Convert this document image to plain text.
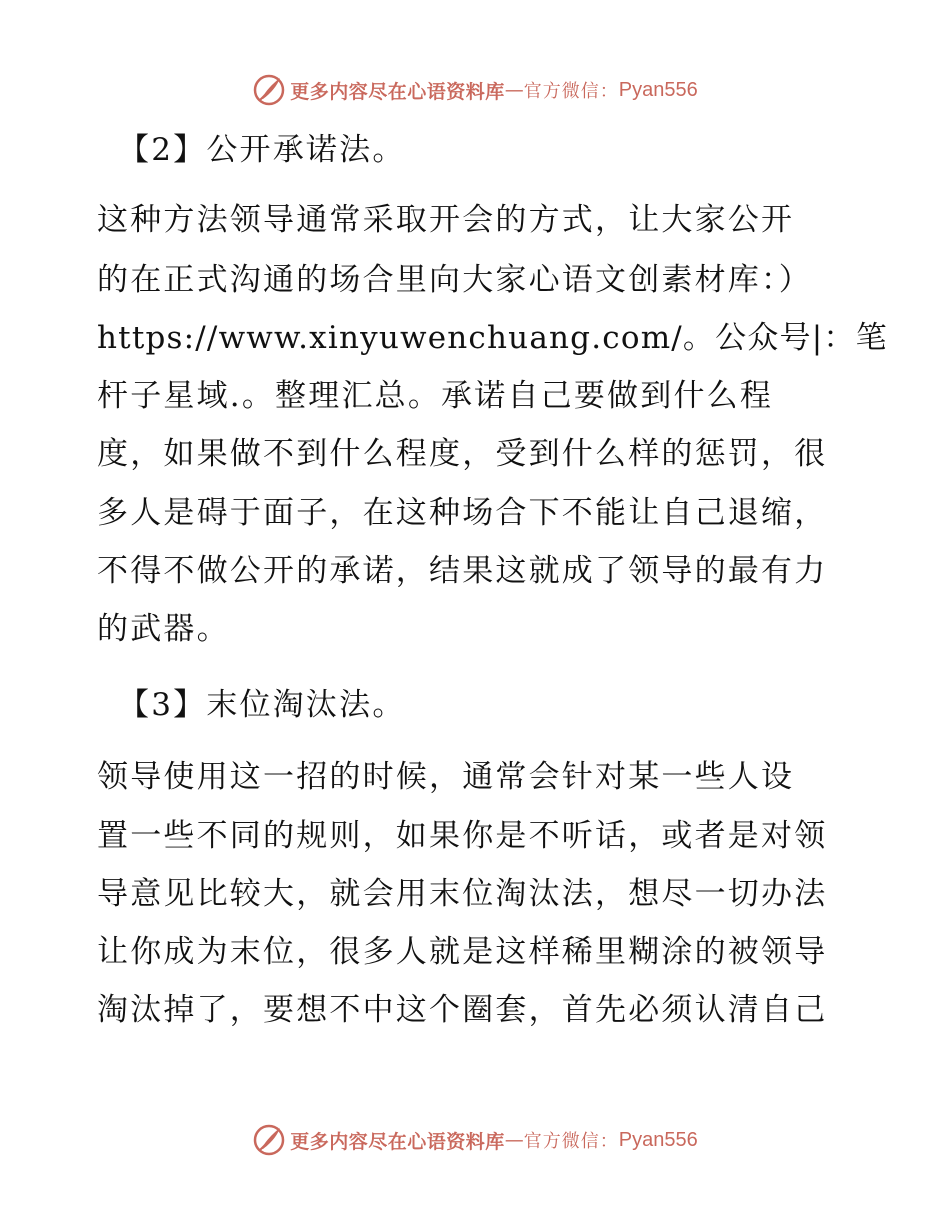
更多内容尽在心语资料库 — 官方微信： Pyan556

【2】公开承诺法。

这种方法领导通常采取开会的方式，让大家公开

的在正式沟通的场合里向大家心语文创素材库：）

https://www.xinyuwenchuang.com/。公众号|：笔

杆子星域.。整理汇总。承诺自己要做到什么程

度，如果做不到什么程度，受到什么样的惩罚，很

多人是碍于面子，在这种场合下不能让自己退缩，

不得不做公开的承诺，结果这就成了领导的最有力

的武器。

【3】末位淘汰法。

领导使用这一招的时候，通常会针对某一些人设

置一些不同的规则，如果你是不听话，或者是对领

导意见比较大，就会用末位淘汰法，想尽一切办法

让你成为末位，很多人就是这样稀里糊涂的被领导

淘汰掉了，要想不中这个圈套，首先必须认清自己

更多内容尽在心语资料库 — 官方微信： Pyan556
